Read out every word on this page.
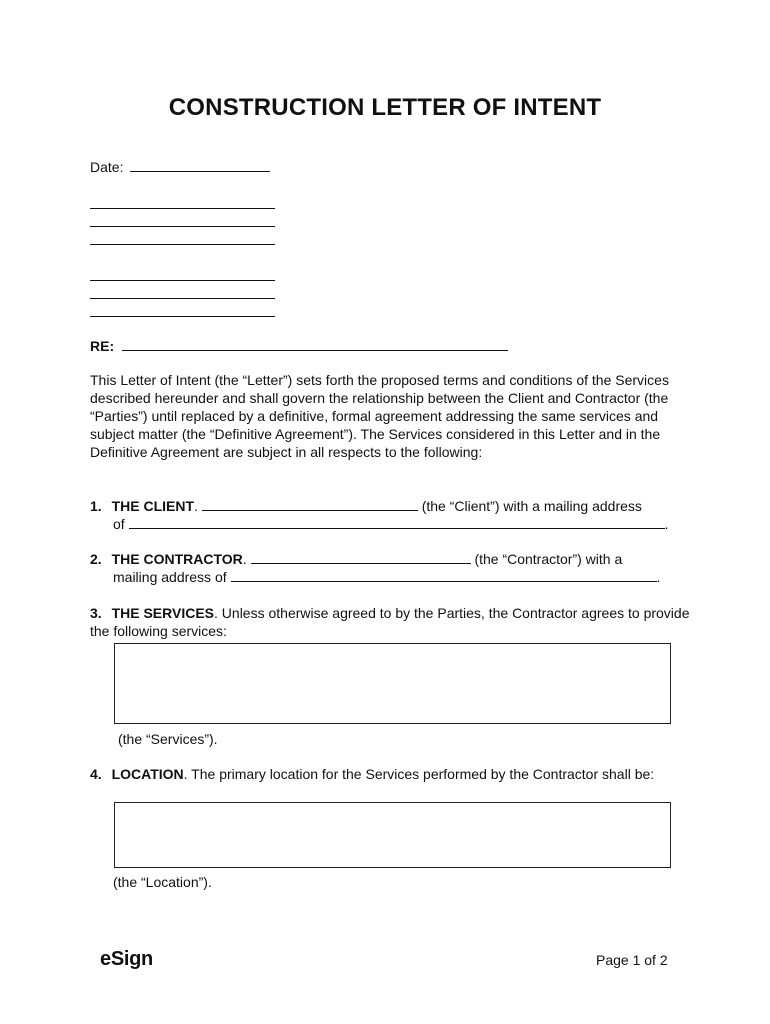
CONSTRUCTION LETTER OF INTENT
Date:
RE:
This Letter of Intent (the “Letter”) sets forth the proposed terms and conditions of the Services described hereunder and shall govern the relationship between the Client and Contractor (the “Parties”) until replaced by a definitive, formal agreement addressing the same services and subject matter (the “Definitive Agreement”). The Services considered in this Letter and in the Definitive Agreement are subject in all respects to the following:
1. THE CLIENT.	(the “Client”) with a mailing address
of	.
2. THE CONTRACTOR.	(the “Contractor”) with a
mailing address of	.
3. THE SERVICES. Unless otherwise agreed to by the Parties, the Contractor agrees to provide the following services:
(the “Services”).
4. LOCATION. The primary location for the Services performed by the Contractor shall be:
(the “Location”).
eSign	Page 1 of 2
